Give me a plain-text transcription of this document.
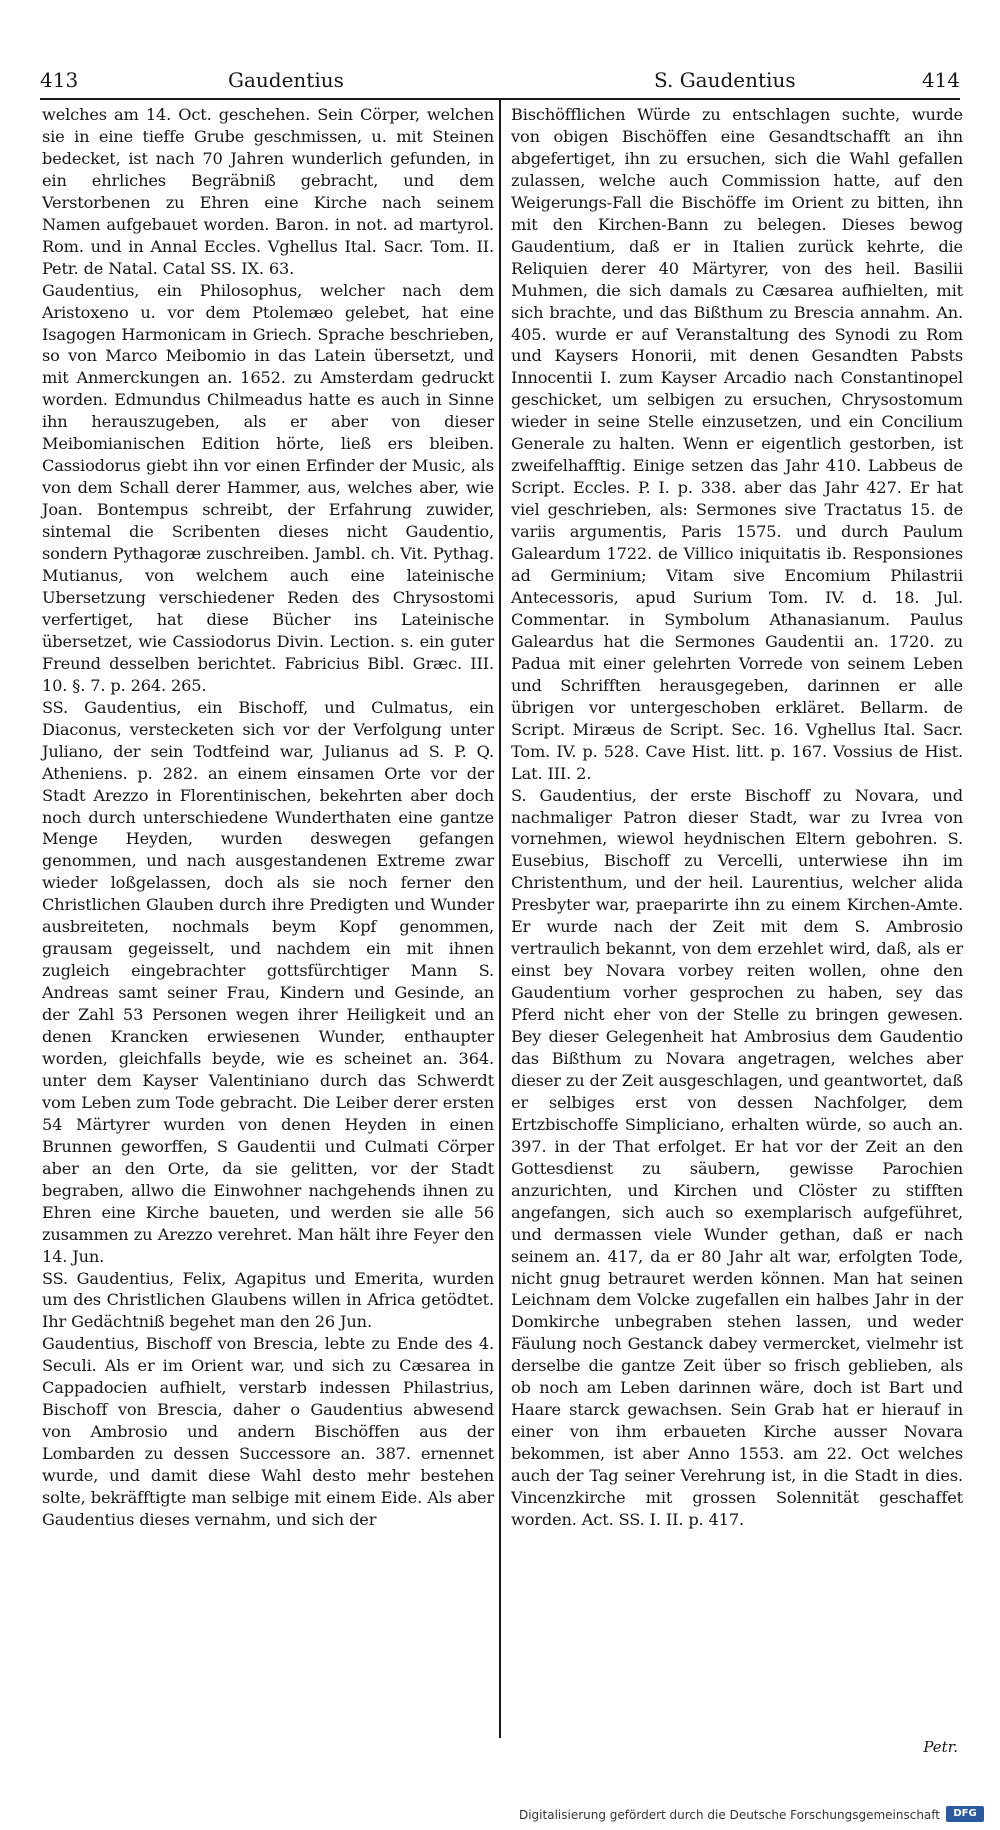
413	Gaudentius	S. Gaudentius	414

welches am 14. Oct. geschehen. Sein Cörper, welchen sie in eine tieffe Grube geschmissen, u. mit Steinen bedecket, ist nach 70 Jahren wunderlich gefunden, in ein ehrliches Begräbniß gebracht, und dem Verstorbenen zu Ehren eine Kirche nach seinem Namen aufgebauet worden. Baron. in not. ad martyrol. Rom. und in Annal Eccles. Vghellus Ital. Sacr. Tom. II. Petr. de Natal. Catal SS. IX. 63.

Gaudentius, ein Philosophus, welcher nach dem Aristoxeno u. vor dem Ptolemæo gelebet, hat eine Isagogen Harmonicam in Griech. Sprache beschrieben, so von Marco Meibomio in das Latein übersetzt, und mit Anmerckungen an. 1652. zu Amsterdam gedruckt worden. Edmundus Chilmeadus hatte es auch in Sinne ihn herauszugeben, als er aber von dieser Meibomianischen Edition hörte, ließ ers bleiben. Cassiodorus giebt ihn vor einen Erfinder der Music, als von dem Schall derer Hammer, aus, welches aber, wie Joan. Bontempus schreibt, der Erfahrung zuwider, sintemal die Scribenten dieses nicht Gaudentio, sondern Pythagoræ zuschreiben. Jambl. ch. Vit. Pythag. Mutianus, von welchem auch eine lateinische Ubersetzung verschiedener Reden des Chrysostomi verfertiget, hat diese Bücher ins Lateinische übersetzet, wie Cassiodorus Divin. Lection. s. ein guter Freund desselben berichtet. Fabricius Bibl. Græc. III. 10. §. 7. p. 264. 265.

SS. Gaudentius, ein Bischoff, und Culmatus, ein Diaconus, verstecketen sich vor der Verfolgung unter Juliano, der sein Todtfeind war, Julianus ad S. P. Q. Atheniens. p. 282. an einem einsamen Orte vor der Stadt Arezzo in Florentinischen, bekehrten aber doch noch durch unterschiedene Wunderthaten eine gantze Menge Heyden, wurden deswegen gefangen genommen, und nach ausgestandenen Extreme zwar wieder loßgelassen, doch als sie noch ferner den Christlichen Glauben durch ihre Predigten und Wunder ausbreiteten, nochmals beym Kopf genommen, grausam gegeisselt, und nachdem ein mit ihnen zugleich eingebrachter gottsfürchtiger Mann S. Andreas samt seiner Frau, Kindern und Gesinde, an der Zahl 53 Personen wegen ihrer Heiligkeit und an denen Krancken erwiesenen Wunder, enthaupter worden, gleichfalls beyde, wie es scheinet an. 364. unter dem Kayser Valentiniano durch das Schwerdt vom Leben zum Tode gebracht. Die Leiber derer ersten 54 Märtyrer wurden von denen Heyden in einen Brunnen geworffen, S Gaudentii und Culmati Cörper aber an den Orte, da sie gelitten, vor der Stadt begraben, allwo die Einwohner nachgehends ihnen zu Ehren eine Kirche baueten, und werden sie alle 56 zusammen zu Arezzo verehret. Man hält ihre Feyer den 14. Jun.

SS. Gaudentius, Felix, Agapitus und Emerita, wurden um des Christlichen Glaubens willen in Africa getödtet. Ihr Gedächtniß begehet man den 26 Jun.

Gaudentius, Bischoff von Brescia, lebte zu Ende des 4. Seculi. Als er im Orient war, und sich zu Cæsarea in Cappadocien aufhielt, verstarb indessen Philastrius, Bischoff von Brescia, daher o Gaudentius abwesend von Ambrosio und andern Bischöffen aus der Lombarden zu dessen Successore an. 387. ernennet wurde, und damit diese Wahl desto mehr bestehen solte, bekräfftigte man selbige mit einem Eide. Als aber Gaudentius dieses vernahm, und sich der

Bischöfflichen Würde zu entschlagen suchte, wurde von obigen Bischöffen eine Gesandtschafft an ihn abgefertiget, ihn zu ersuchen, sich die Wahl gefallen zulassen, welche auch Commission hatte, auf den Weigerungs-Fall die Bischöffe im Orient zu bitten, ihn mit den Kirchen-Bann zu belegen. Dieses bewog Gaudentium, daß er in Italien zurück kehrte, die Reliquien derer 40 Märtyrer, von des heil. Basilii Muhmen, die sich damals zu Cæsarea aufhielten, mit sich brachte, und das Bißthum zu Brescia annahm. An. 405. wurde er auf Veranstaltung des Synodi zu Rom und Kaysers Honorii, mit denen Gesandten Pabsts Innocentii I. zum Kayser Arcadio nach Constantinopel geschicket, um selbigen zu ersuchen, Chrysostomum wieder in seine Stelle einzusetzen, und ein Concilium Generale zu halten. Wenn er eigentlich gestorben, ist zweifelhafftig. Einige setzen das Jahr 410. Labbeus de Script. Eccles. P. I. p. 338. aber das Jahr 427. Er hat viel geschrieben, als: Sermones sive Tractatus 15. de variis argumentis, Paris 1575. und durch Paulum Galeardum 1722. de Villico iniquitatis ib. Responsiones ad Germinium; Vitam sive Encomium Philastrii Antecessoris, apud Surium Tom. IV. d. 18. Jul. Commentar. in Symbolum Athanasianum. Paulus Galeardus hat die Sermones Gaudentii an. 1720. zu Padua mit einer gelehrten Vorrede von seinem Leben und Schrifften herausgegeben, darinnen er alle übrigen vor untergeschoben erkläret. Bellarm. de Script. Miræus de Script. Sec. 16. Vghellus Ital. Sacr. Tom. IV. p. 528. Cave Hist. litt. p. 167. Vossius de Hist. Lat. III. 2.

S. Gaudentius, der erste Bischoff zu Novara, und nachmaliger Patron dieser Stadt, war zu Ivrea von vornehmen, wiewol heydnischen Eltern gebohren. S. Eusebius, Bischoff zu Vercelli, unterwiese ihn im Christenthum, und der heil. Laurentius, welcher alida Presbyter war, praeparirte ihn zu einem Kirchen-Amte. Er wurde nach der Zeit mit dem S. Ambrosio vertraulich bekannt, von dem erzehlet wird, daß, als er einst bey Novara vorbey reiten wollen, ohne den Gaudentium vorher gesprochen zu haben, sey das Pferd nicht eher von der Stelle zu bringen gewesen. Bey dieser Gelegenheit hat Ambrosius dem Gaudentio das Bißthum zu Novara angetragen, welches aber dieser zu der Zeit ausgeschlagen, und geantwortet, daß er selbiges erst von dessen Nachfolger, dem Ertzbischoffe Simpliciano, erhalten würde, so auch an. 397. in der That erfolget. Er hat vor der Zeit an den Gottesdienst zu säubern, gewisse Parochien anzurichten, und Kirchen und Clöster zu stifften angefangen, sich auch so exemplarisch aufgeführet, und dermassen viele Wunder gethan, daß er nach seinem an. 417, da er 80 Jahr alt war, erfolgten Tode, nicht gnug betrauret werden können. Man hat seinen Leichnam dem Volcke zugefallen ein halbes Jahr in der Domkirche unbegraben stehen lassen, und weder Fäulung noch Gestanck dabey vermercket, vielmehr ist derselbe die gantze Zeit über so frisch geblieben, als ob noch am Leben darinnen wäre, doch ist Bart und Haare starck gewachsen. Sein Grab hat er hierauf in einer von ihm erbaueten Kirche ausser Novara bekommen, ist aber Anno 1553. am 22. Oct welches auch der Tag seiner Verehrung ist, in die Stadt in dies. Vincenzkirche mit grossen Solennität geschaffet worden. Act. SS. I. II. p. 417.

Petr.
Digitalisierung gefördert durch die Deutsche Forschungsgemeinschaft	DFG
